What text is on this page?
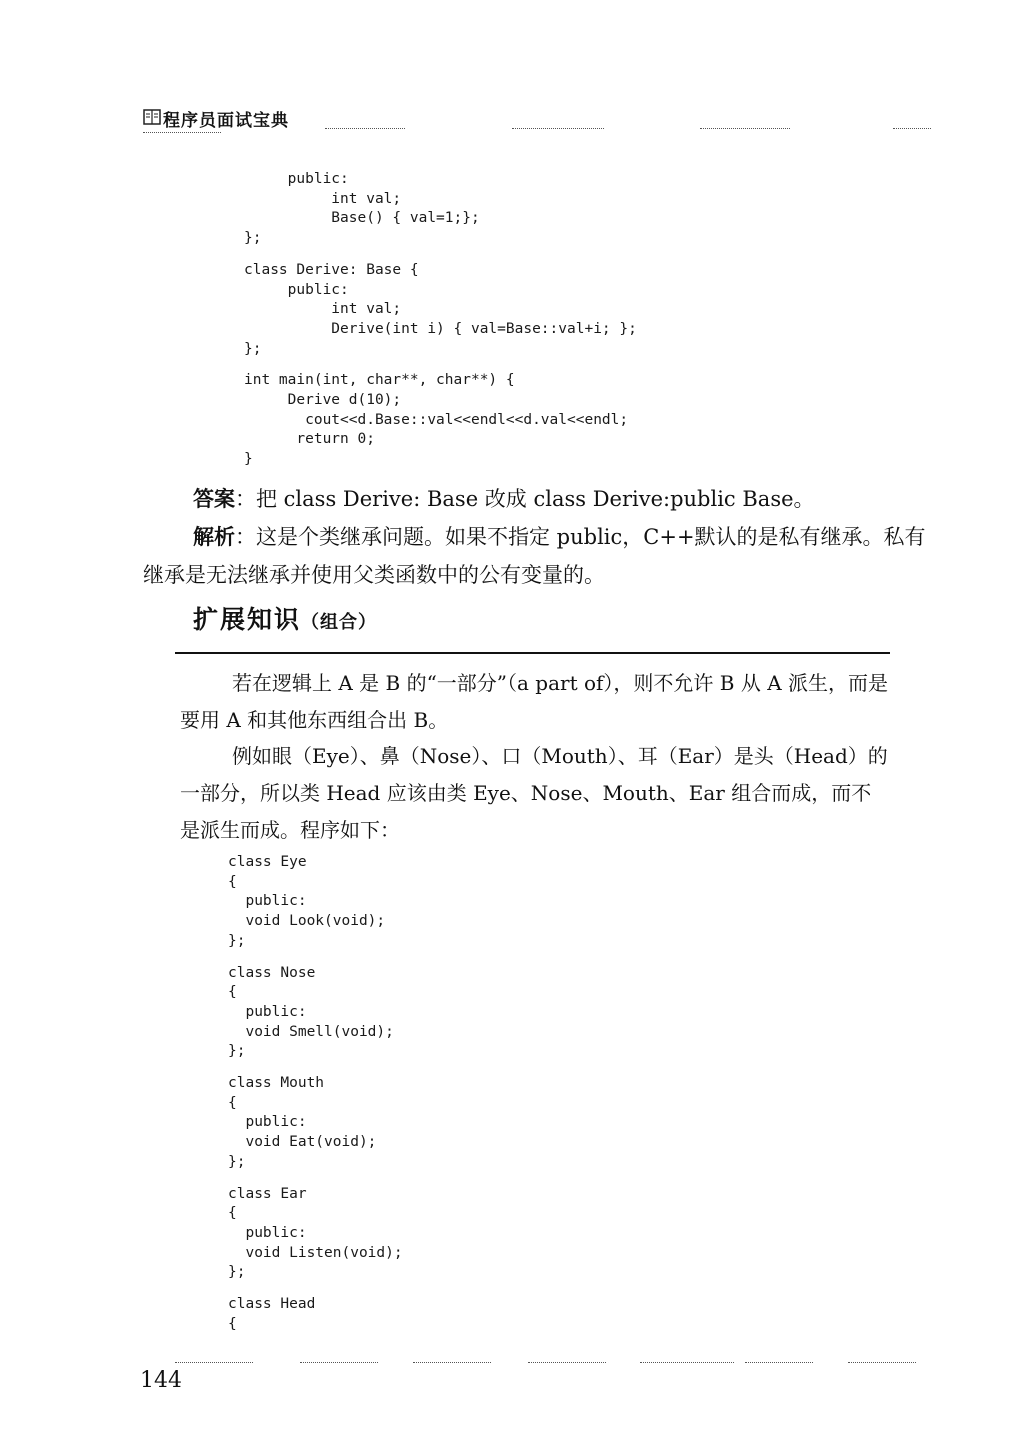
程序员面试宝典
public:
int val;
Base() { val=1;};
};
class Derive: Base {
public:
int val;
Derive(int i) { val=Base::val+i; };
};
int main(int, char**, char**) {
Derive d(10);
cout<<d.Base::val<<endl<<d.val<<endl;
return 0;
}
答案：把 class Derive: Base 改成 class Derive:public Base。
解析：这是个类继承问题。如果不指定 public，C++默认的是私有继承。私有继承是无法继承并使用父类函数中的公有变量的。
扩展知识（组合）
若在逻辑上 A 是 B 的“一部分”（a part of），则不允许 B 从 A 派生，而是要用 A 和其他东西组合出 B。
例如眼（Eye）、鼻（Nose）、口（Mouth）、耳（Ear）是头（Head）的一部分，所以类 Head 应该由类 Eye、Nose、Mouth、Ear 组合而成，而不是派生而成。程序如下：
class Eye
{
public:
void Look(void);
};
class Nose
{
public:
void Smell(void);
};
class Mouth
{
public:
void Eat(void);
};
class Ear
{
public:
void Listen(void);
};
class Head
{
144
